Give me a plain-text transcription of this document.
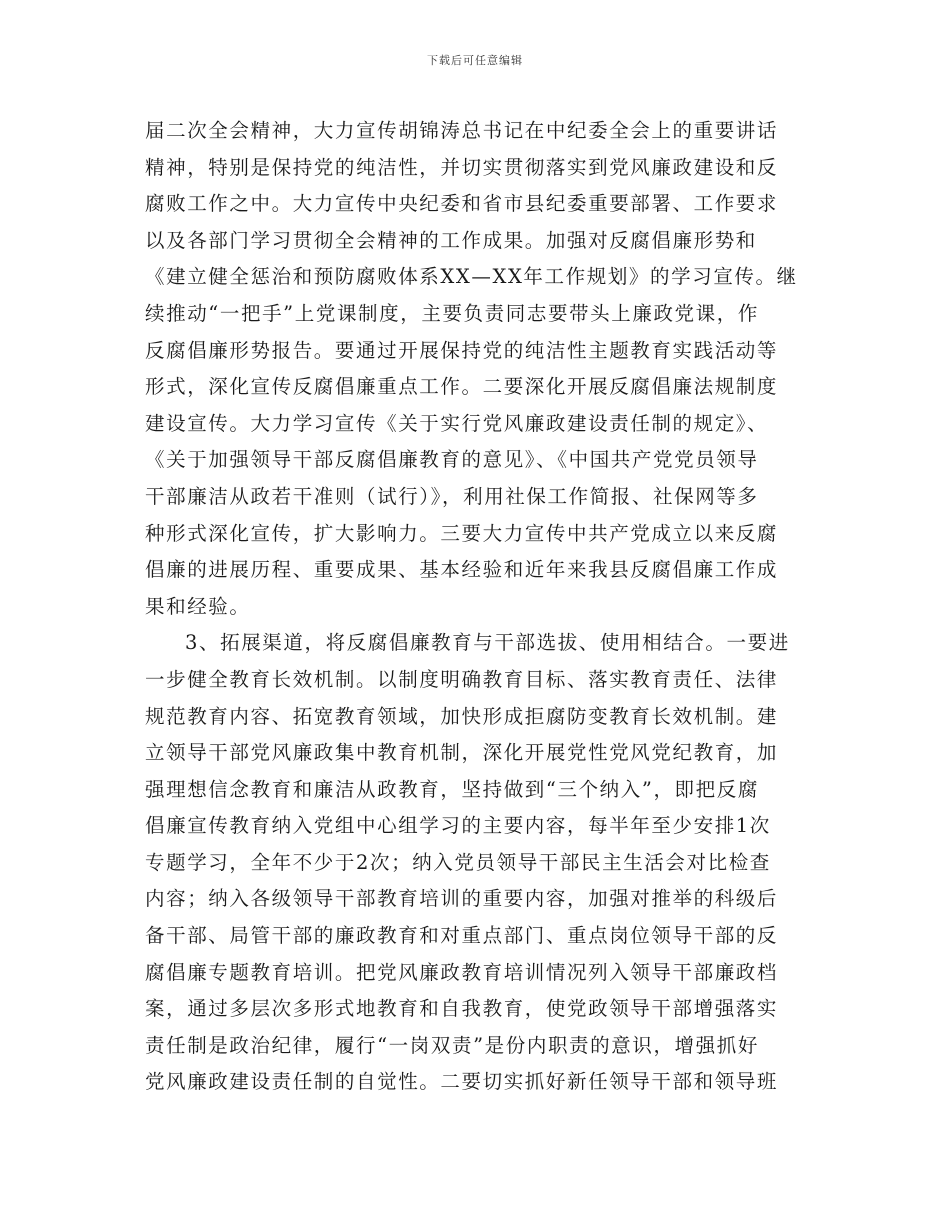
下载后可任意编辑
届二次全会精神，大力宣传胡锦涛总书记在中纪委全会上的重要讲话
精神，特别是保持党的纯洁性，并切实贯彻落实到党风廉政建设和反
腐败工作之中。大力宣传中央纪委和省市县纪委重要部署、工作要求
以及各部门学习贯彻全会精神的工作成果。加强对反腐倡廉形势和
《建立健全惩治和预防腐败体系XX—XX年工作规划》的学习宣传。继
续推动“一把手”上党课制度，主要负责同志要带头上廉政党课，作
反腐倡廉形势报告。要通过开展保持党的纯洁性主题教育实践活动等
形式，深化宣传反腐倡廉重点工作。二要深化开展反腐倡廉法规制度
建设宣传。大力学习宣传《关于实行党风廉政建设责任制的规定》、
《关于加强领导干部反腐倡廉教育的意见》、《中国共产党党员领导
干部廉洁从政若干准则（试行）》，利用社保工作简报、社保网等多
种形式深化宣传，扩大影响力。三要大力宣传中共产党成立以来反腐
倡廉的进展历程、重要成果、基本经验和近年来我县反腐倡廉工作成
果和经验。
3、拓展渠道，将反腐倡廉教育与干部选拔、使用相结合。一要进
一步健全教育长效机制。以制度明确教育目标、落实教育责任、法律
规范教育内容、拓宽教育领域，加快形成拒腐防变教育长效机制。建
立领导干部党风廉政集中教育机制，深化开展党性党风党纪教育，加
强理想信念教育和廉洁从政教育，坚持做到“三个纳入”，即把反腐
倡廉宣传教育纳入党组中心组学习的主要内容，每半年至少安排1次
专题学习，全年不少于2次；纳入党员领导干部民主生活会对比检查
内容；纳入各级领导干部教育培训的重要内容，加强对推举的科级后
备干部、局管干部的廉政教育和对重点部门、重点岗位领导干部的反
腐倡廉专题教育培训。把党风廉政教育培训情况列入领导干部廉政档
案，通过多层次多形式地教育和自我教育，使党政领导干部增强落实
责任制是政治纪律，履行“一岗双责”是份内职责的意识，增强抓好
党风廉政建设责任制的自觉性。二要切实抓好新任领导干部和领导班
